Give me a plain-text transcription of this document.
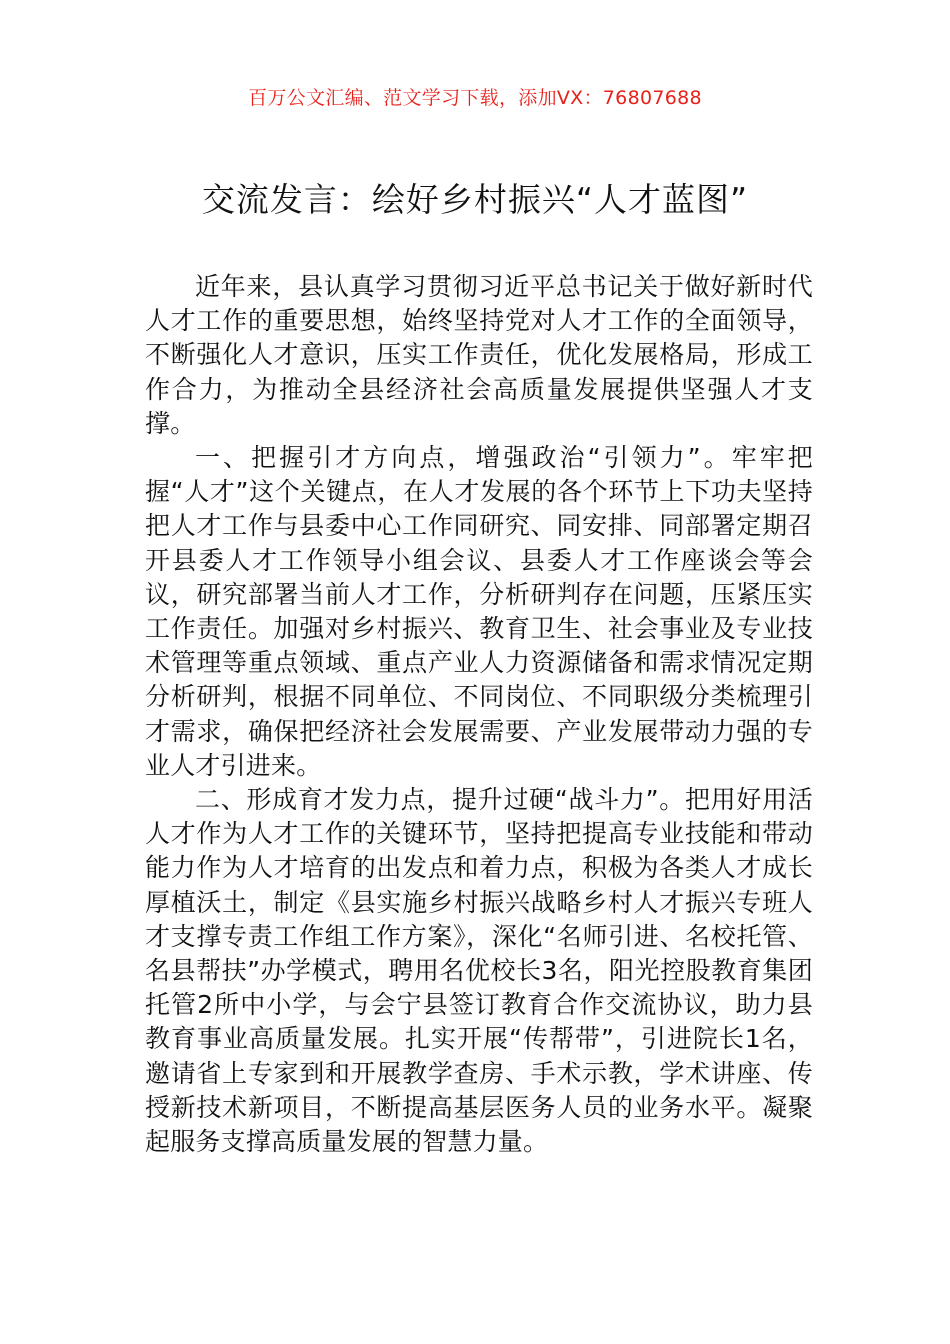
百万公文汇编、范文学习下载，添加VX：76807688
交流发言：绘好乡村振兴“人才蓝图”

近年来，县认真学习贯彻习近平总书记关于做好新时代人才工作的重要思想，始终坚持党对人才工作的全面领导，不断强化人才意识，压实工作责任，优化发展格局，形成工作合力，为推动全县经济社会高质量发展提供坚强人才支撑。

一、把握引才方向点，增强政治“引领力”。牢牢把握“人才”这个关键点，在人才发展的各个环节上下功夫坚持把人才工作与县委中心工作同研究、同安排、同部署定期召开县委人才工作领导小组会议、县委人才工作座谈会等会议，研究部署当前人才工作，分析研判存在问题，压紧压实工作责任。加强对乡村振兴、教育卫生、社会事业及专业技术管理等重点领域、重点产业人力资源储备和需求情况定期分析研判，根据不同单位、不同岗位、不同职级分类梳理引才需求，确保把经济社会发展需要、产业发展带动力强的专业人才引进来。

二、形成育才发力点，提升过硬“战斗力”。把用好用活人才作为人才工作的关键环节，坚持把提高专业技能和带动能力作为人才培育的出发点和着力点，积极为各类人才成长厚植沃土，制定《县实施乡村振兴战略乡村人才振兴专班人才支撑专责工作组工作方案》，深化“名师引进、名校托管、名县帮扶”办学模式，聘用名优校长3名，阳光控股教育集团托管2所中小学，与会宁县签订教育合作交流协议，助力县教育事业高质量发展。扎实开展“传帮带”，引进院长1名，邀请省上专家到和开展教学查房、手术示教，学术讲座、传授新技术新项目，不断提高基层医务人员的业务水平。凝聚起服务支撑高质量发展的智慧力量。
